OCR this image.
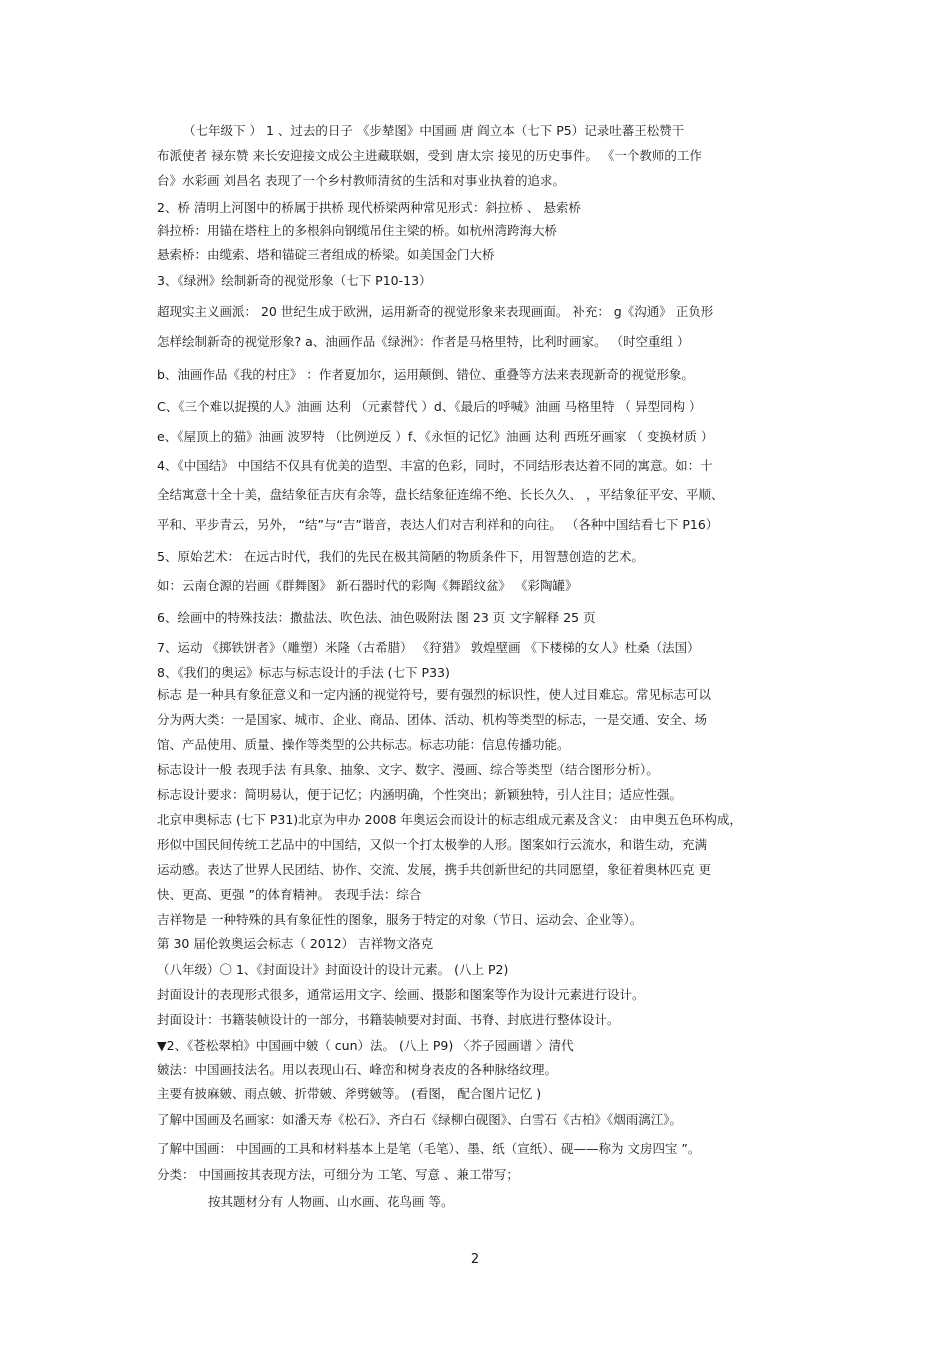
（七年级下 ） 1 、过去的日子 《步辇图》中国画 唐 阎立本（七下 P5）记录吐蕃王松赞干
布派使者 禄东赞 来长安迎接文成公主进藏联姻，受到 唐太宗 接见的历史事件。 《一个教师的工作
台》水彩画 刘昌名 表现了一个乡村教师清贫的生活和对事业执着的追求。
2、桥 清明上河图中的桥属于拱桥 现代桥梁两种常见形式：斜拉桥 、 悬索桥
斜拉桥：用锚在塔柱上的多根斜向钢缆吊住主梁的桥。如杭州湾跨海大桥
悬索桥：由缆索、塔和锚碇三者组成的桥梁。如美国金门大桥
3、《绿洲》绘制新奇的视觉形象（七下 P10-13）
超现实主义画派： 20 世纪生成于欧洲，运用新奇的视觉形象来表现画面。 补充： g《沟通》 正负形
怎样绘制新奇的视觉形象? a、油画作品《绿洲》：作者是马格里特，比利时画家。 （时空重组 ）
b、油画作品《我的村庄》 ：作者夏加尔，运用颠倒、错位、重叠等方法来表现新奇的视觉形象。
C、《三个难以捉摸的人》油画 达利 （元素替代 ）d、《最后的呼喊》油画 马格里特 （ 异型同构 ）
e、《屋顶上的猫》油画 波罗特 （比例逆反 ）f、《永恒的记忆》油画 达利 西班牙画家 （ 变换材质 ）
4、《中国结》 中国结不仅具有优美的造型、丰富的色彩，同时，不同结形表达着不同的寓意。如：十
全结寓意十全十美，盘结象征吉庆有余等，盘长结象征连绵不绝、长长久久、 ，平结象征平安、平顺、
平和、平步青云，另外， “结”与“吉”谐音，表达人们对吉利祥和的向往。 （各种中国结看七下 P16）
5、原始艺术： 在远古时代，我们的先民在极其简陋的物质条件下，用智慧创造的艺术。
如：云南仓源的岩画《群舞图》 新石器时代的彩陶《舞蹈纹盆》 《彩陶罐》
6、绘画中的特殊技法：撒盐法、吹色法、油色吸附法 图 23 页 文字解释 25 页
7、运动 《掷铁饼者》（雕塑）米隆（古希腊） 《狩猎》 敦煌壁画 《下楼梯的女人》杜桑（法国）
8、《我们的奥运》标志与标志设计的手法 (七下 P33)
标志 是一种具有象征意义和一定内涵的视觉符号，要有强烈的标识性，使人过目难忘。常见标志可以
分为两大类：一是国家、城市、企业、商品、团体、活动、机构等类型的标志，一是交通、安全、场
馆、产品使用、质量、操作等类型的公共标志。标志功能：信息传播功能。
标志设计一般 表现手法 有具象、抽象、文字、数字、漫画、综合等类型（结合图形分析）。
标志设计要求：简明易认，便于记忆；内涵明确，个性突出；新颖独特，引人注目；适应性强。
北京申奥标志 (七下 P31)北京为申办 2008 年奥运会而设计的标志组成元素及含义： 由申奥五色环构成，
形似中国民间传统工艺品中的中国结，又似一个打太极拳的人形。图案如行云流水，和谐生动，充满
运动感。表达了世界人民团结、协作、交流、发展，携手共创新世纪的共同愿望，象征着奥林匹克 更
快、更高、更强 ”的体育精神。 表现手法：综合
吉祥物是 一种特殊的具有象征性的图象，服务于特定的对象（节日、运动会、企业等）。
第 30 届伦敦奥运会标志（ 2012） 吉祥物文洛克
（八年级）〇 1、《封面设计》封面设计的设计元素。 (八上 P2)
封面设计的表现形式很多，通常运用文字、绘画、摄影和图案等作为设计元素进行设计。
封面设计：书籍装帧设计的一部分，书籍装帧要对封面、书脊、封底进行整体设计。
▼2、《苍松翠柏》中国画中皴（ cun）法。 (八上 P9) 〈芥子园画谱 〉清代
皴法：中国画技法名。用以表现山石、峰峦和树身表皮的各种脉络纹理。
主要有披麻皴、雨点皴、折带皴、斧劈皴等。 (看图， 配合图片记忆 )
了解中国画及名画家：如潘天寿《松石》、齐白石《绿柳白砚图》、白雪石《古柏》《烟雨漓江》。
了解中国画： 中国画的工具和材料基本上是笔（毛笔）、墨、纸（宣纸）、砚——称为 文房四宝 ”。
分类： 中国画按其表现方法，可细分为 工笔、写意 、兼工带写；
按其题材分有 人物画、山水画、花鸟画 等。
2
